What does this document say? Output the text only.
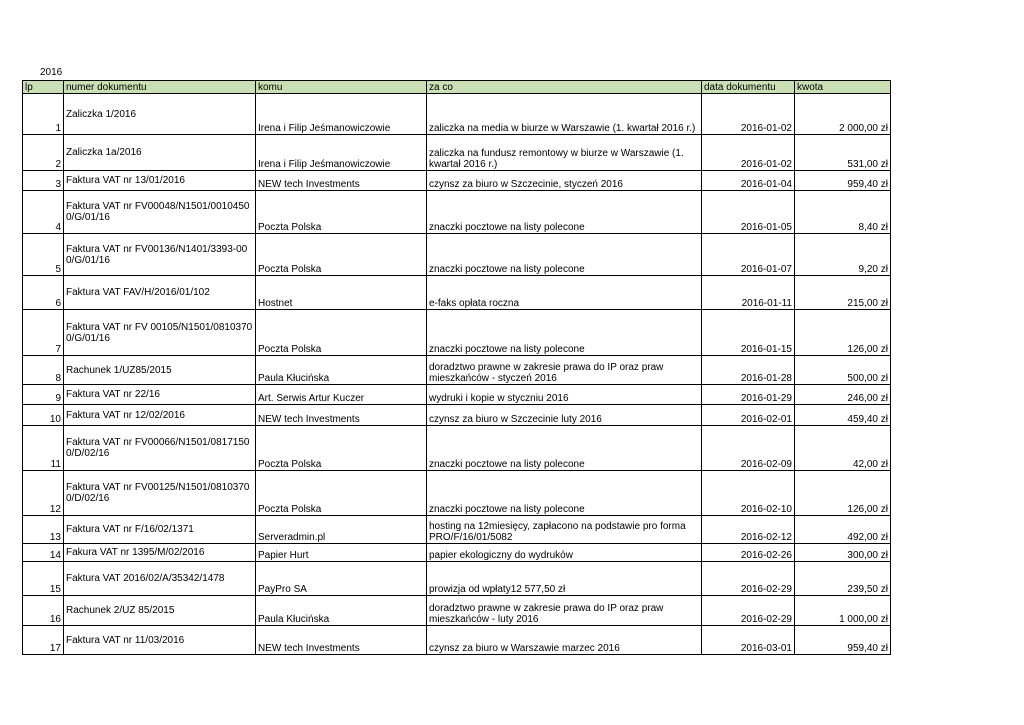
2016
lp	numer dokumentu	komu	za co	data dokumentu	kwota
1	Zaliczka 1/2016	Irena i Filip Jeśmanowiczowie	zaliczka na media w biurze w Warszawie (1. kwartał 2016 r.)	2016-01-02	2 000,00 zł
2	Zaliczka 1a/2016	Irena i Filip Jeśmanowiczowie	zaliczka na fundusz remontowy w biurze w Warszawie (1. kwartał 2016 r.)	2016-01-02	531,00 zł
3	Faktura VAT nr 13/01/2016	NEW tech Investments	czynsz za biuro w Szczecinie, styczeń 2016	2016-01-04	959,40 zł
4	Faktura VAT nr FV00048/N1501/00104500/G/01/16	Poczta Polska	znaczki pocztowe na listy polecone	2016-01-05	8,40 zł
5	Faktura VAT nr FV00136/N1401/3393-000/G/01/16	Poczta Polska	znaczki pocztowe na listy polecone	2016-01-07	9,20 zł
6	Faktura VAT FAV/H/2016/01/102	Hostnet	e-faks opłata roczna	2016-01-11	215,00 zł
7	Faktura VAT nr FV 00105/N1501/08103700/G/01/16	Poczta Polska	znaczki pocztowe na listy polecone	2016-01-15	126,00 zł
8	Rachunek 1/UZ85/2015	Paula Kłucińska	doradztwo prawne w zakresie prawa do IP oraz praw mieszkańców - styczeń 2016	2016-01-28	500,00 zł
9	Faktura VAT nr 22/16	Art. Serwis Artur Kuczer	wydruki i kopie w styczniu 2016	2016-01-29	246,00 zł
10	Faktura VAT nr 12/02/2016	NEW tech Investments	czynsz za biuro w Szczecinie luty 2016	2016-02-01	459,40 zł
11	Faktura VAT nr FV00066/N1501/08171500/D/02/16	Poczta Polska	znaczki pocztowe na listy polecone	2016-02-09	42,00 zł
12	Faktura VAT nr FV00125/N1501/08103700/D/02/16	Poczta Polska	znaczki pocztowe na listy polecone	2016-02-10	126,00 zł
13	Faktura VAT nr F/16/02/1371	Serveradmin.pl	hosting na 12miesięcy, zapłacono na podstawie pro forma PRO/F/16/01/5082	2016-02-12	492,00 zł
14	Fakura VAT nr 1395/M/02/2016	Papier Hurt	papier ekologiczny do wydruków	2016-02-26	300,00 zł
15	Faktura VAT 2016/02/A/35342/1478	PayPro SA	prowizja od wpłaty12 577,50 zł	2016-02-29	239,50 zł
16	Rachunek 2/UZ 85/2015	Paula Kłucińska	doradztwo prawne w zakresie prawa do IP oraz praw mieszkańców - luty 2016	2016-02-29	1 000,00 zł
17	Faktura VAT nr 11/03/2016	NEW tech Investments	czynsz za biuro w Warszawie marzec 2016	2016-03-01	959,40 zł
